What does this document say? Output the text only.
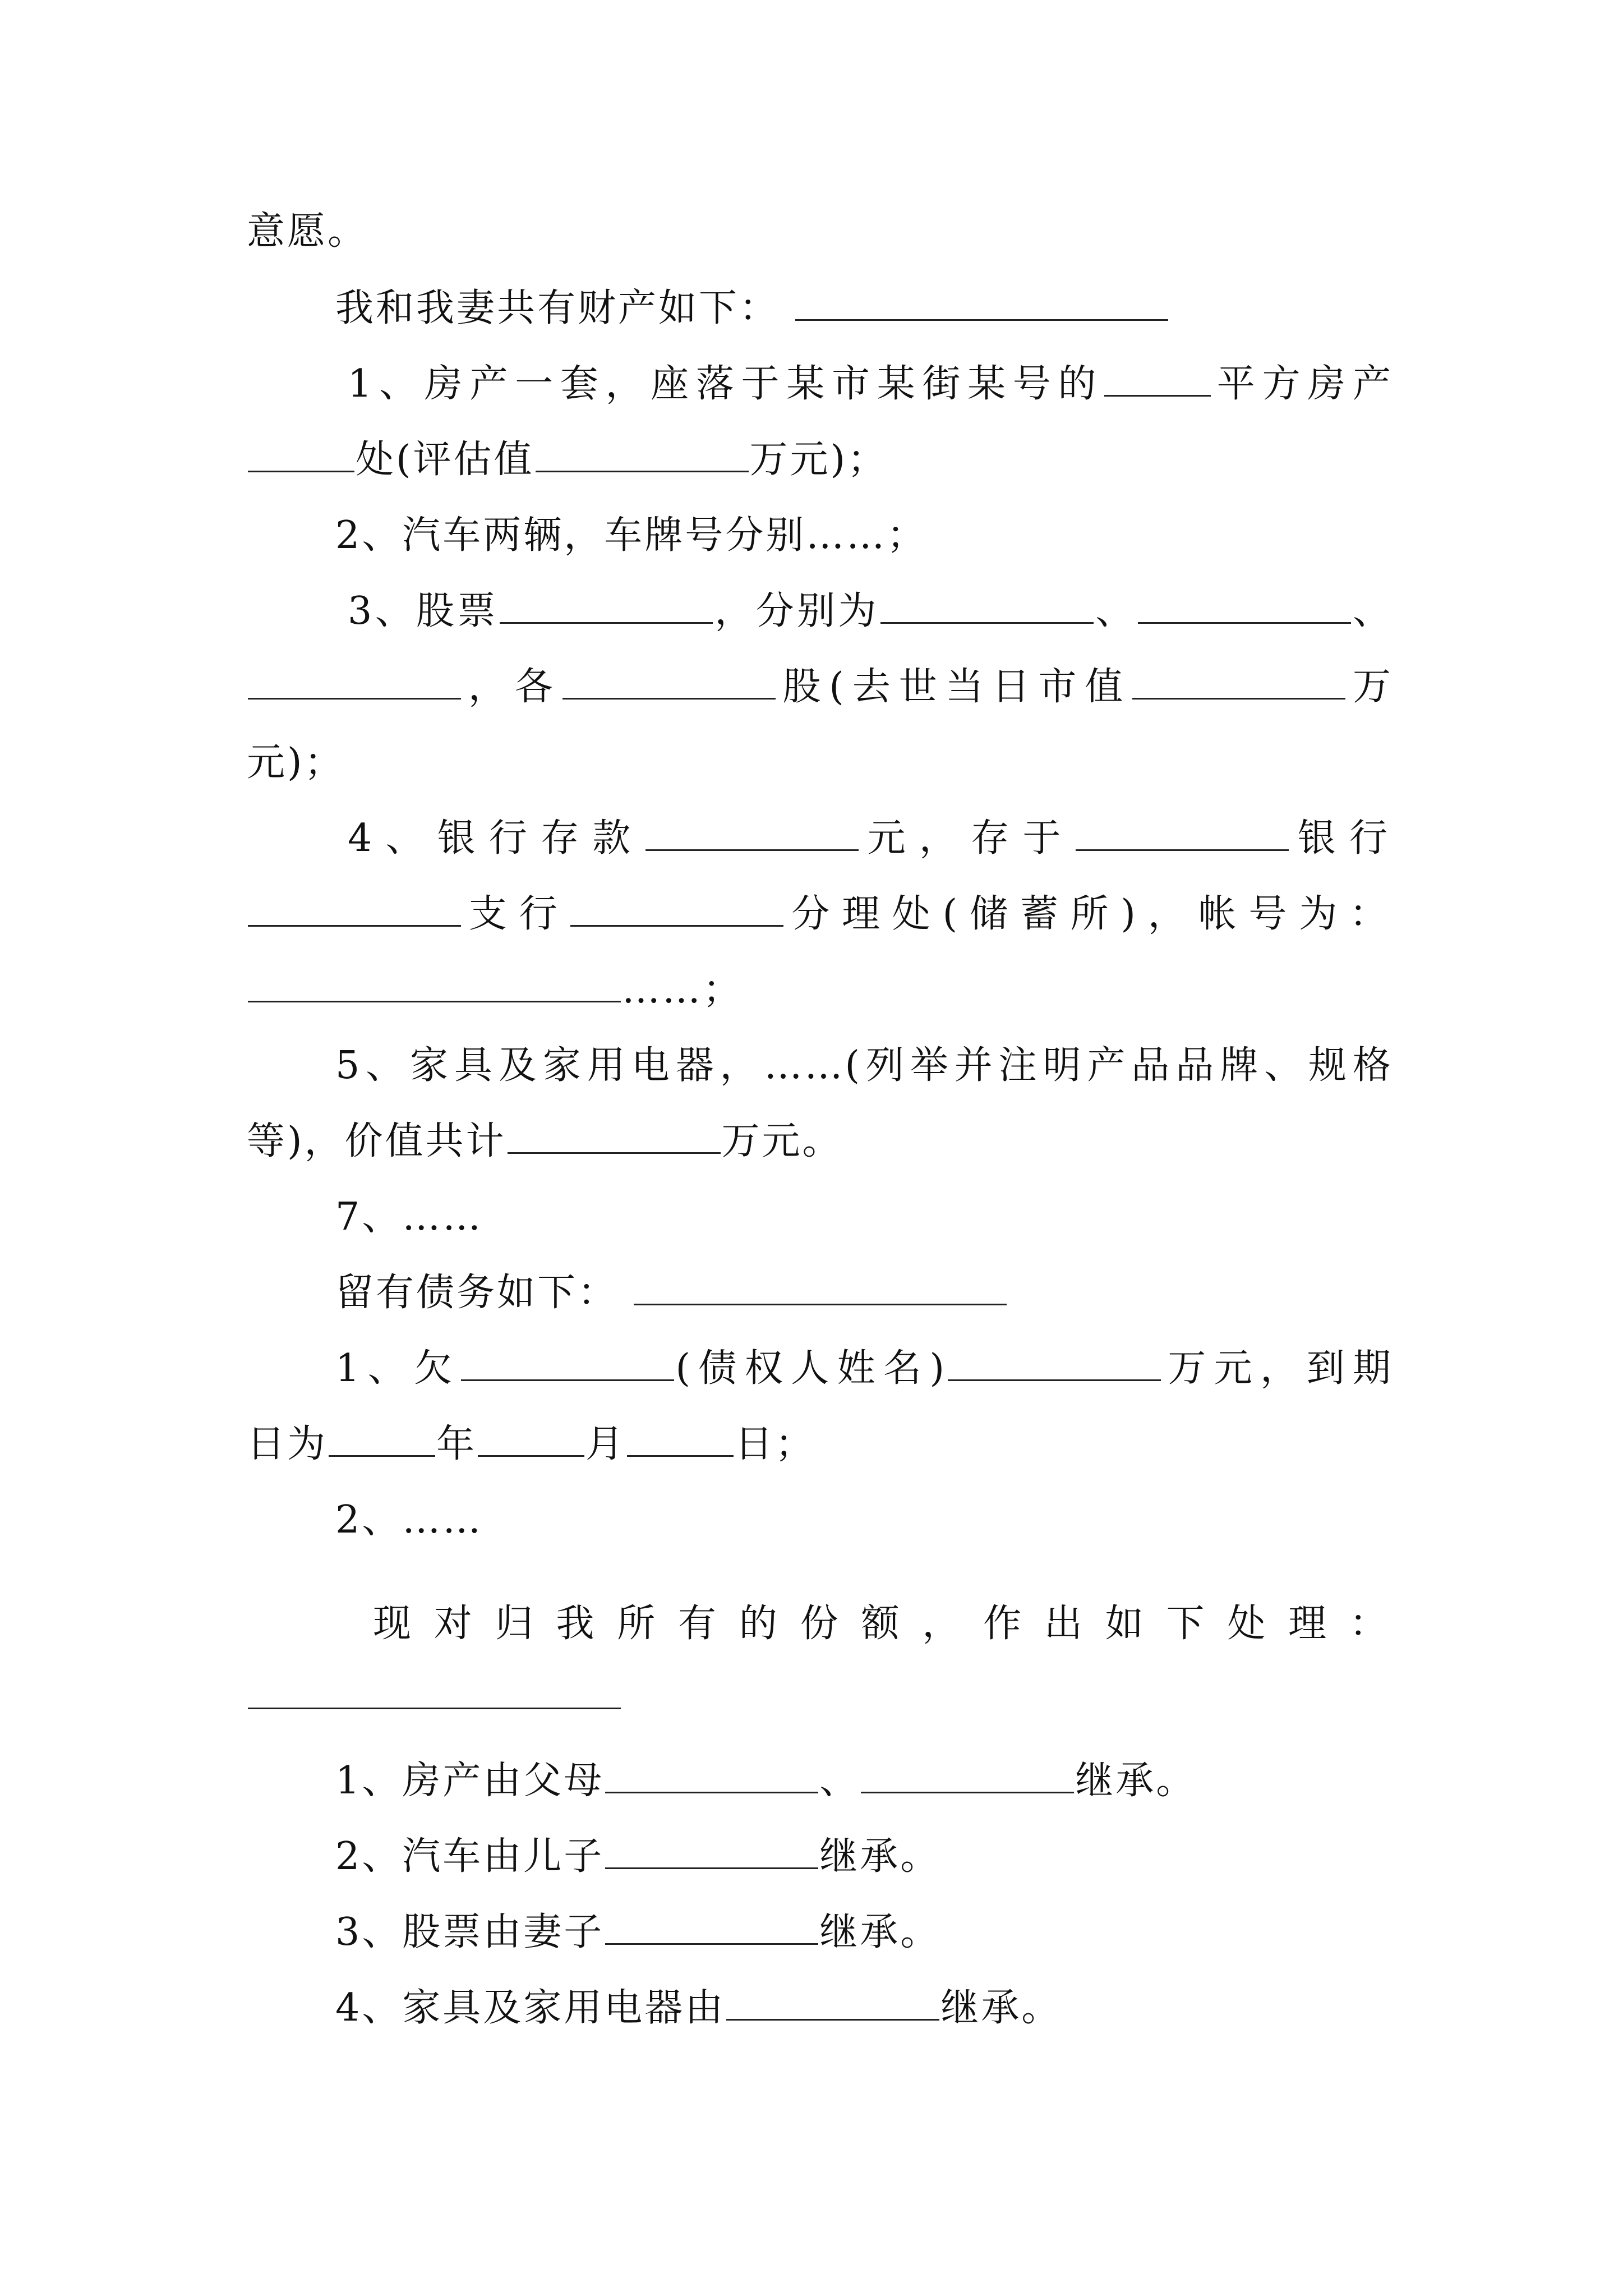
意愿。
我和我妻共有财产如下：
1、房产一套，座落于某市某街某号的	平方房产
处(评估值	万元)；
2、汽车两辆，车牌号分别……；
3、股票	，分别为	、	、
，各	股(去世当日市值	万
元)；
4、银行存款	元，存于	银行
支行	分理处(储蓄所)，帐号为：
……；
5、家具及家用电器，……(列举并注明产品品牌、规格
等)，价值共计	万元。
7、……
留有债务如下：
1、欠	(债权人姓名)	万元，到期
日为	年	月	日；
2、……
现对归我所有的份额，作出如下处理：
1、房产由父母	、	继承。
2、汽车由儿子	继承。
3、股票由妻子	继承。
4、家具及家用电器由	继承。
